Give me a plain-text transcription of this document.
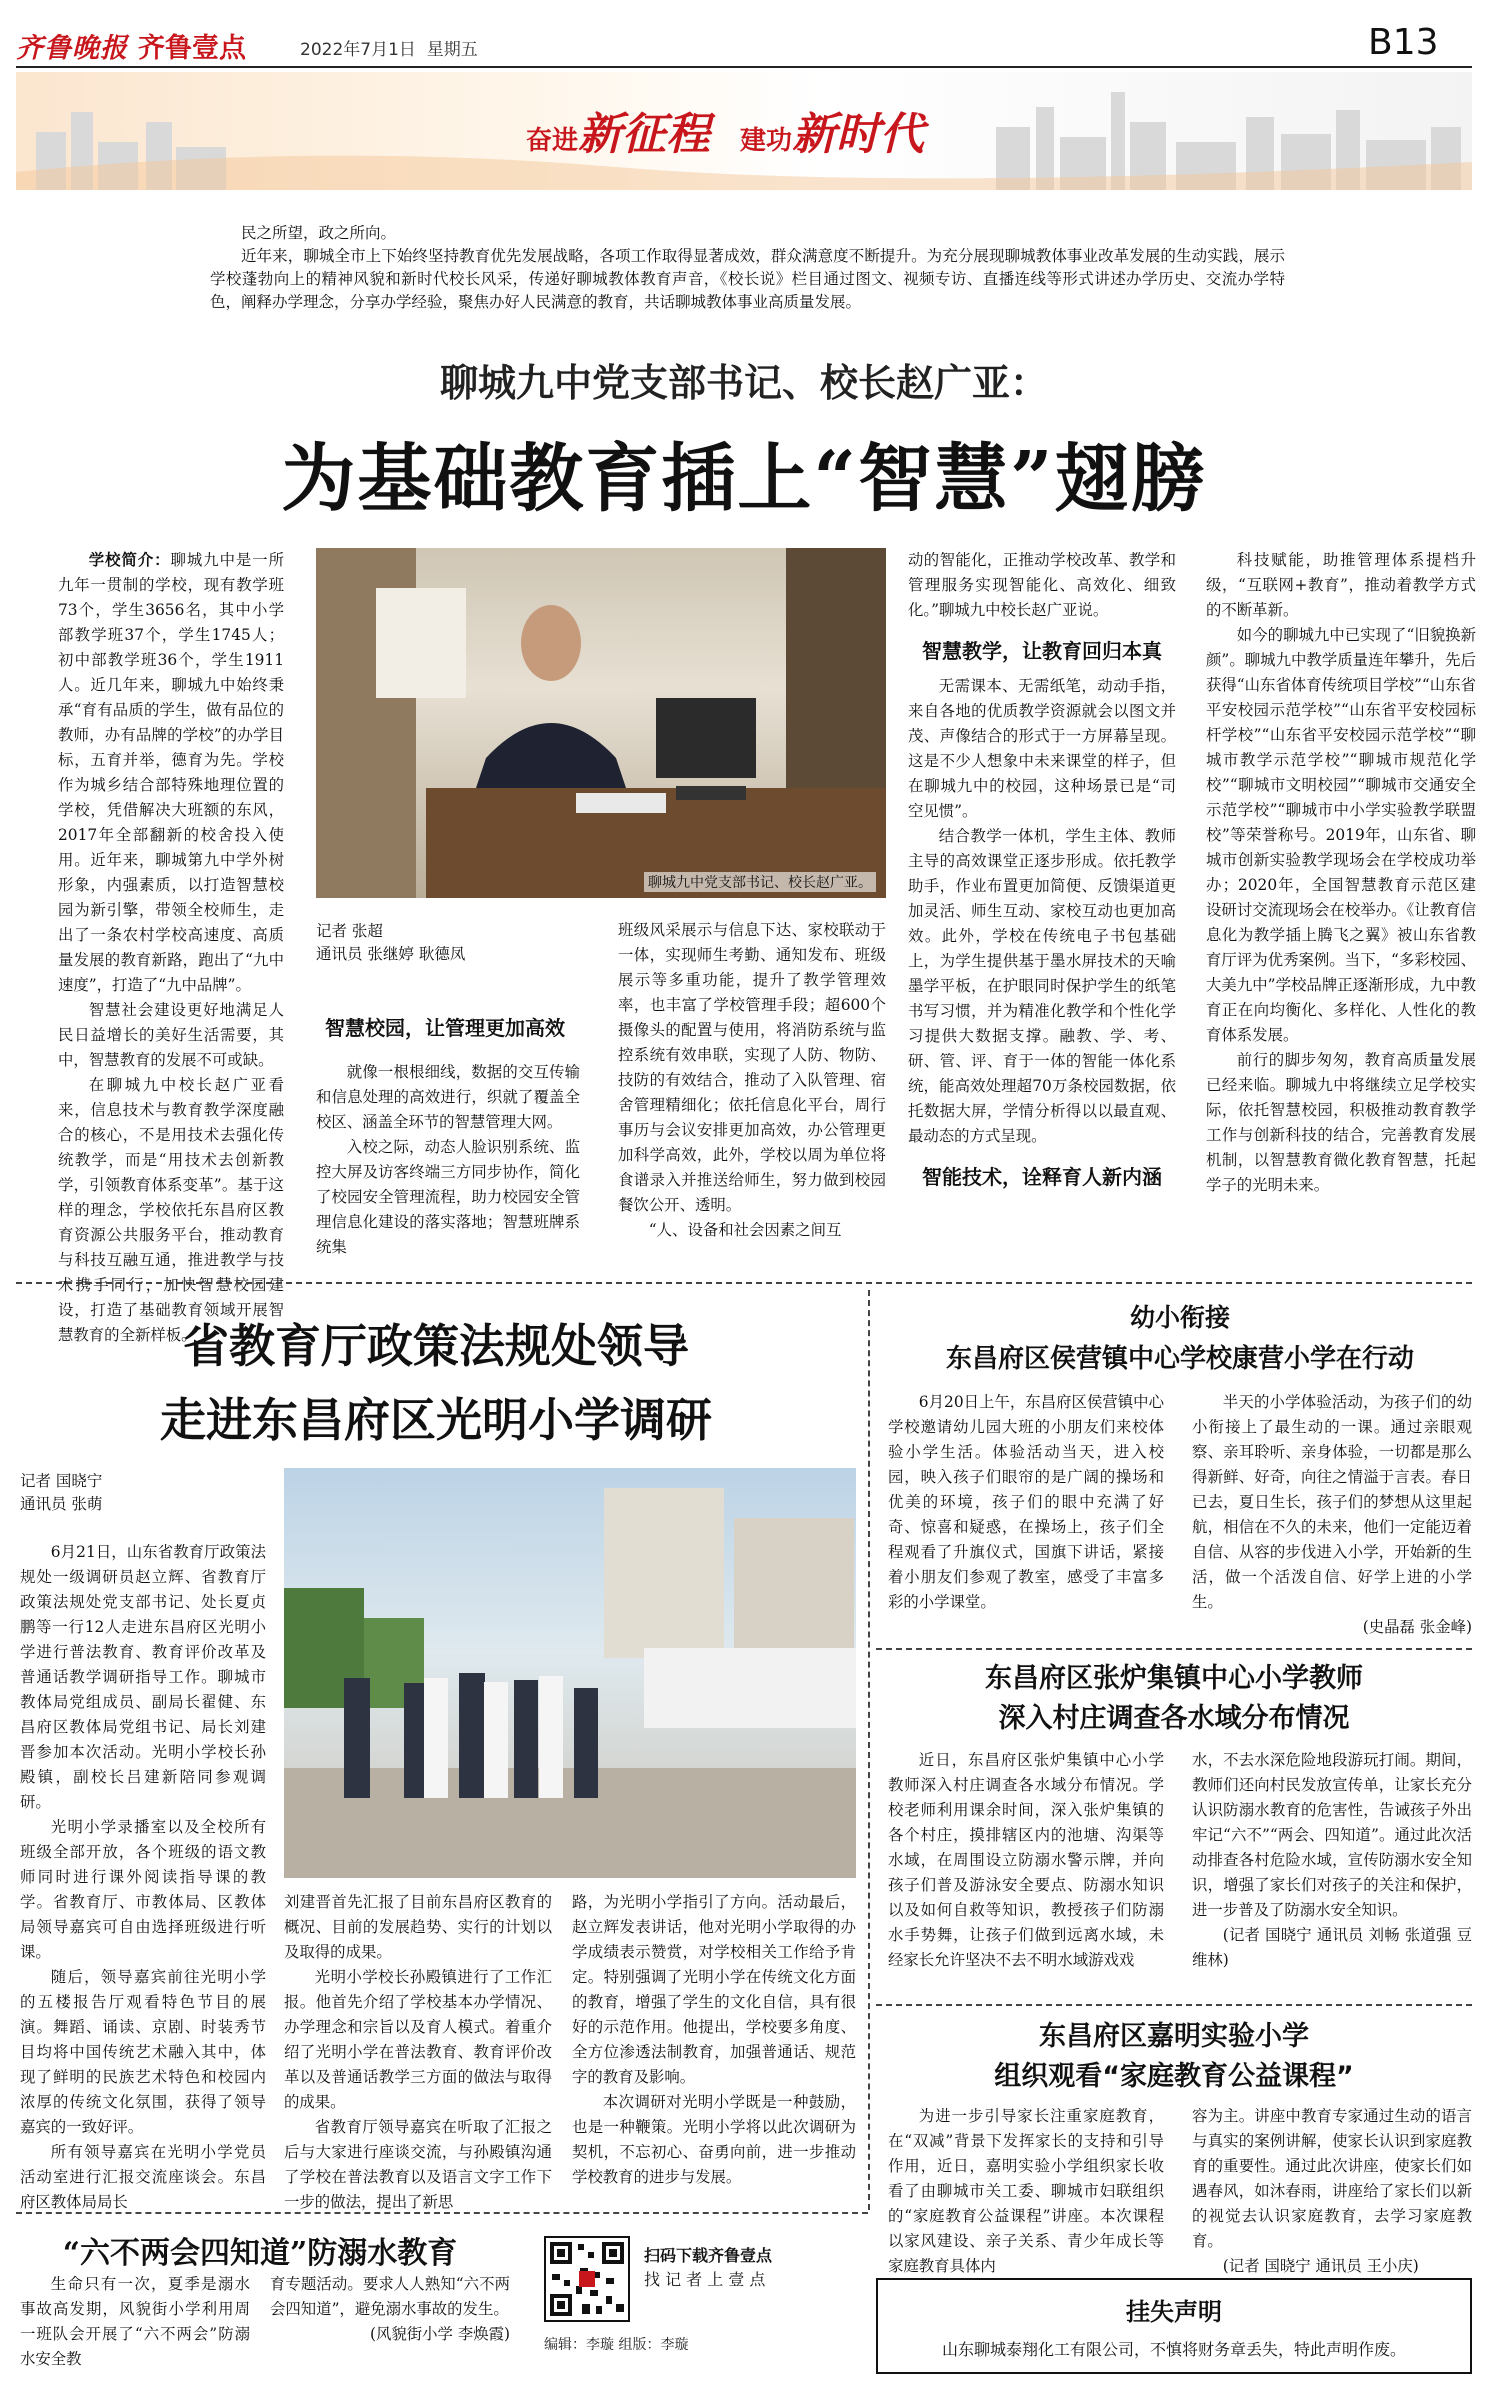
齐鲁晚报 齐鲁壹点	2022年7月1日 星期五	B13
奋进 新征程 建功 新时代

民之所望，政之所向。

近年来，聊城全市上下始终坚持教育优先发展战略，各项工作取得显著成效，群众满意度不断提升。为充分展现聊城教体事业改革发展的生动实践，展示学校蓬勃向上的精神风貌和新时代校长风采，传递好聊城教体教育声音，《校长说》栏目通过图文、视频专访、直播连线等形式讲述办学历史、交流办学特色，阐释办学理念，分享办学经验，聚焦办好人民满意的教育，共话聊城教体事业高质量发展。

聊城九中党支部书记、校长赵广亚：
为基础教育插上“智慧”翅膀
聊城九中党支部书记、校长赵广亚。
记者 张超
通讯员 张继婷 耿德凤

学校简介：聊城九中是一所九年一贯制的学校，现有教学班73个，学生3656名，其中小学部教学班37个，学生1745人；初中部教学班36个，学生1911人。近几年来，聊城九中始终秉承“育有品质的学生，做有品位的教师，办有品牌的学校”的办学目标，五育并举，德育为先。学校作为城乡结合部特殊地理位置的学校，凭借解决大班额的东风，2017年全部翻新的校舍投入使用。近年来，聊城第九中学外树形象，内强素质，以打造智慧校园为新引擎，带领全校师生，走出了一条农村学校高速度、高质量发展的教育新路，跑出了“九中速度”，打造了“九中品牌”。

智慧社会建设更好地满足人民日益增长的美好生活需要，其中，智慧教育的发展不可或缺。

在聊城九中校长赵广亚看来，信息技术与教育教学深度融合的核心，不是用技术去强化传统教学，而是“用技术去创新教学，引领教育体系变革”。基于这样的理念，学校依托东昌府区教育资源公共服务平台，推动教育与科技互融互通，推进教学与技术携手同行，加快智慧校园建设，打造了基础教育领域开展智慧教育的全新样板。

智慧校园，让管理更加高效

就像一根根细线，数据的交互传输和信息处理的高效进行，织就了覆盖全校区、涵盖全环节的智慧管理大网。

入校之际，动态人脸识别系统、监控大屏及访客终端三方同步协作，简化了校园安全管理流程，助力校园安全管理信息化建设的落实落地；智慧班牌系统集

班级风采展示与信息下达、家校联动于一体，实现师生考勤、通知发布、班级展示等多重功能，提升了教学管理效率，也丰富了学校管理手段；超600个摄像头的配置与使用，将消防系统与监控系统有效串联，实现了人防、物防、技防的有效结合，推动了入队管理、宿舍管理精细化；依托信息化平台，周行事历与会议安排更加高效，办公管理更加科学高效，此外，学校以周为单位将食谱录入并推送给师生，努力做到校园餐饮公开、透明。

“人、设备和社会因素之间互

动的智能化，正推动学校改革、教学和管理服务实现智能化、高效化、细致化。”聊城九中校长赵广亚说。

智慧教学，让教育回归本真

无需课本、无需纸笔，动动手指，来自各地的优质教学资源就会以图文并茂、声像结合的形式于一方屏幕呈现。这是不少人想象中未来课堂的样子，但在聊城九中的校园，这种场景已是“司空见惯”。

结合教学一体机，学生主体、教师主导的高效课堂正逐步形成。依托教学助手，作业布置更加简便、反馈渠道更加灵活、师生互动、家校互动也更加高效。此外，学校在传统电子书包基础上，为学生提供基于墨水屏技术的天喻墨学平板，在护眼同时保护学生的纸笔书写习惯，并为精准化教学和个性化学习提供大数据支撑。融教、学、考、研、管、评、育于一体的智能一体化系统，能高效处理超70万条校园数据，依托数据大屏，学情分析得以以最直观、最动态的方式呈现。

智能技术，诠释育人新内涵

科技赋能，助推管理体系提档升级，“互联网+教育”，推动着教学方式的不断革新。

如今的聊城九中已实现了“旧貌换新颜”。聊城九中教学质量连年攀升，先后获得“山东省体育传统项目学校”“山东省平安校园示范学校”“山东省平安校园标杆学校”“山东省平安校园示范学校”“聊城市教学示范学校”“聊城市规范化学校”“聊城市文明校园”“聊城市交通安全示范学校”“聊城市中小学实验教学联盟校”等荣誉称号。2019年，山东省、聊城市创新实验教学现场会在学校成功举办；2020年，全国智慧教育示范区建设研讨交流现场会在校举办。《让教育信息化为教学插上腾飞之翼》被山东省教育厅评为优秀案例。当下，“多彩校园、大美九中”学校品牌正逐渐形成，九中教育正在向均衡化、多样化、人性化的教育体系发展。

前行的脚步匆匆，教育高质量发展已经来临。聊城九中将继续立足学校实际，依托智慧校园，积极推动教育教学工作与创新科技的结合，完善教育发展机制，以智慧教育微化教育智慧，托起学子的光明未来。

省教育厅政策法规处领导
走进东昌府区光明小学调研
记者 国晓宁
通讯员 张萌

6月21日，山东省教育厅政策法规处一级调研员赵立辉、省教育厅政策法规处党支部书记、处长夏贞鹏等一行12人走进东昌府区光明小学进行普法教育、教育评价改革及普通话教学调研指导工作。聊城市教体局党组成员、副局长翟健、东昌府区教体局党组书记、局长刘建晋参加本次活动。光明小学校长孙殿镇，副校长吕建新陪同参观调研。

光明小学录播室以及全校所有班级全部开放，各个班级的语文教师同时进行课外阅读指导课的教学。省教育厅、市教体局、区教体局领导嘉宾可自由选择班级进行听课。

随后，领导嘉宾前往光明小学的五楼报告厅观看特色节目的展演。舞蹈、诵读、京剧、时装秀节目均将中国传统艺术融入其中，体现了鲜明的民族艺术特色和校园内浓厚的传统文化氛围，获得了领导嘉宾的一致好评。

所有领导嘉宾在光明小学党员活动室进行汇报交流座谈会。东昌府区教体局局长

刘建晋首先汇报了目前东昌府区教育的概况、目前的发展趋势、实行的计划以及取得的成果。

光明小学校长孙殿镇进行了工作汇报。他首先介绍了学校基本办学情况、办学理念和宗旨以及育人模式。着重介绍了光明小学在普法教育、教育评价改革以及普通话教学三方面的做法与取得的成果。

省教育厅领导嘉宾在听取了汇报之后与大家进行座谈交流，与孙殿镇沟通了学校在普法教育以及语言文字工作下一步的做法，提出了新思

路，为光明小学指引了方向。活动最后，赵立辉发表讲话，他对光明小学取得的办学成绩表示赞赏，对学校相关工作给予肯定。特别强调了光明小学在传统文化方面的教育，增强了学生的文化自信，具有很好的示范作用。他提出，学校要多角度、全方位渗透法制教育，加强普通话、规范字的教育及影响。

本次调研对光明小学既是一种鼓励，也是一种鞭策。光明小学将以此次调研为契机，不忘初心、奋勇向前，进一步推动学校教育的进步与发展。

“六不两会四知道”防溺水教育

生命只有一次，夏季是溺水事故高发期，风貌街小学利用周一班队会开展了“六不两会”防溺水安全教

育专题活动。要求人人熟知“六不两会四知道”，避免溺水事故的发生。

(风貌街小学 李焕霞)

扫码下载齐鲁壹点
找 记 者 上 壹 点
编辑：李璇 组版：李璇
幼小衔接
东昌府区侯营镇中心学校康营小学在行动

6月20日上午，东昌府区侯营镇中心学校邀请幼儿园大班的小朋友们来校体验小学生活。体验活动当天，进入校园，映入孩子们眼帘的是广阔的操场和优美的环境，孩子们的眼中充满了好奇、惊喜和疑惑，在操场上，孩子们全程观看了升旗仪式，国旗下讲话，紧接着小朋友们参观了教室，感受了丰富多彩的小学课堂。

半天的小学体验活动，为孩子们的幼小衔接上了最生动的一课。通过亲眼观察、亲耳聆听、亲身体验，一切都是那么得新鲜、好奇，向往之情溢于言表。春日已去，夏日生长，孩子们的梦想从这里起航，相信在不久的未来，他们一定能迈着自信、从容的步伐进入小学，开始新的生活，做一个活泼自信、好学上进的小学生。

(史晶磊 张金峰)

东昌府区张炉集镇中心小学教师
深入村庄调查各水域分布情况

近日，东昌府区张炉集镇中心小学教师深入村庄调查各水域分布情况。学校老师利用课余时间，深入张炉集镇的各个村庄，摸排辖区内的池塘、沟渠等水域，在周围设立防溺水警示牌，并向孩子们普及游泳安全要点、防溺水知识以及如何自救等知识，教授孩子们防溺水手势舞，让孩子们做到远离水域，未经家长允许坚决不去不明水域游戏戏

水，不去水深危险地段游玩打闹。期间，教师们还向村民发放宣传单，让家长充分认识防溺水教育的危害性，告诫孩子外出牢记“六不”“两会、四知道”。通过此次活动排查各村危险水域，宣传防溺水安全知识，增强了家长们对孩子的关注和保护，进一步普及了防溺水安全知识。

(记者 国晓宁 通讯员 刘畅 张道强 豆维林)

东昌府区嘉明实验小学
组织观看“家庭教育公益课程”

为进一步引导家长注重家庭教育，在“双减”背景下发挥家长的支持和引导作用，近日，嘉明实验小学组织家长收看了由聊城市关工委、聊城市妇联组织的“家庭教育公益课程”讲座。本次课程以家风建设、亲子关系、青少年成长等家庭教育具体内

容为主。讲座中教育专家通过生动的语言与真实的案例讲解，使家长认识到家庭教育的重要性。通过此次讲座，使家长们如遇春风，如沐春雨，讲座给了家长们以新的视觉去认识家庭教育，去学习家庭教育。

(记者 国晓宁 通讯员 王小庆)

挂失声明
山东聊城泰翔化工有限公司，不慎将财务章丢失，特此声明作废。
